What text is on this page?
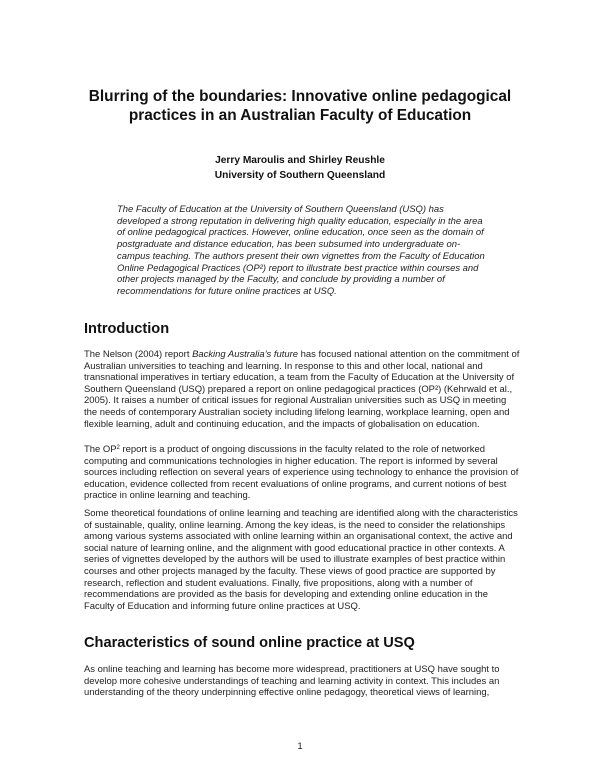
Blurring of the boundaries: Innovative online pedagogical practices in an Australian Faculty of Education
Jerry Maroulis and Shirley Reushle
University of Southern Queensland

The Faculty of Education at the University of Southern Queensland (USQ) has developed a strong reputation in delivering high quality education, especially in the area of online pedagogical practices. However, online education, once seen as the domain of postgraduate and distance education, has been subsumed into undergraduate on-campus teaching. The authors present their own vignettes from the Faculty of Education Online Pedagogical Practices (OP²) report to illustrate best practice within courses and other projects managed by the Faculty, and conclude by providing a number of recommendations for future online practices at USQ.

Introduction

The Nelson (2004) report Backing Australia’s future has focused national attention on the commitment of Australian universities to teaching and learning. In response to this and other local, national and transnational imperatives in tertiary education, a team from the Faculty of Education at the University of Southern Queensland (USQ) prepared a report on online pedagogical practices (OP²) (Kehrwald et al., 2005). It raises a number of critical issues for regional Australian universities such as USQ in meeting the needs of contemporary Australian society including lifelong learning, workplace learning, open and flexible learning, adult and continuing education, and the impacts of globalisation on education.

The $OP^2$ report is a product of ongoing discussions in the faculty related to the role of networked computing and communications technologies in higher education. The report is informed by several sources including reflection on several years of experience using technology to enhance the provision of education, evidence collected from recent evaluations of online programs, and current notions of best practice in online learning and teaching.

Some theoretical foundations of online learning and teaching are identified along with the characteristics of sustainable, quality, online learning. Among the key ideas, is the need to consider the relationships among various systems associated with online learning within an organisational context, the active and social nature of learning online, and the alignment with good educational practice in other contexts. A series of vignettes developed by the authors will be used to illustrate examples of best practice within courses and other projects managed by the faculty. These views of good practice are supported by research, reflection and student evaluations. Finally, five propositions, along with a number of recommendations are provided as the basis for developing and extending online education in the Faculty of Education and informing future online practices at USQ.

Characteristics of sound online practice at USQ

As online teaching and learning has become more widespread, practitioners at USQ have sought to develop more cohesive understandings of teaching and learning activity in context. This includes an understanding of the theory underpinning effective online pedagogy, theoretical views of learning,

1
